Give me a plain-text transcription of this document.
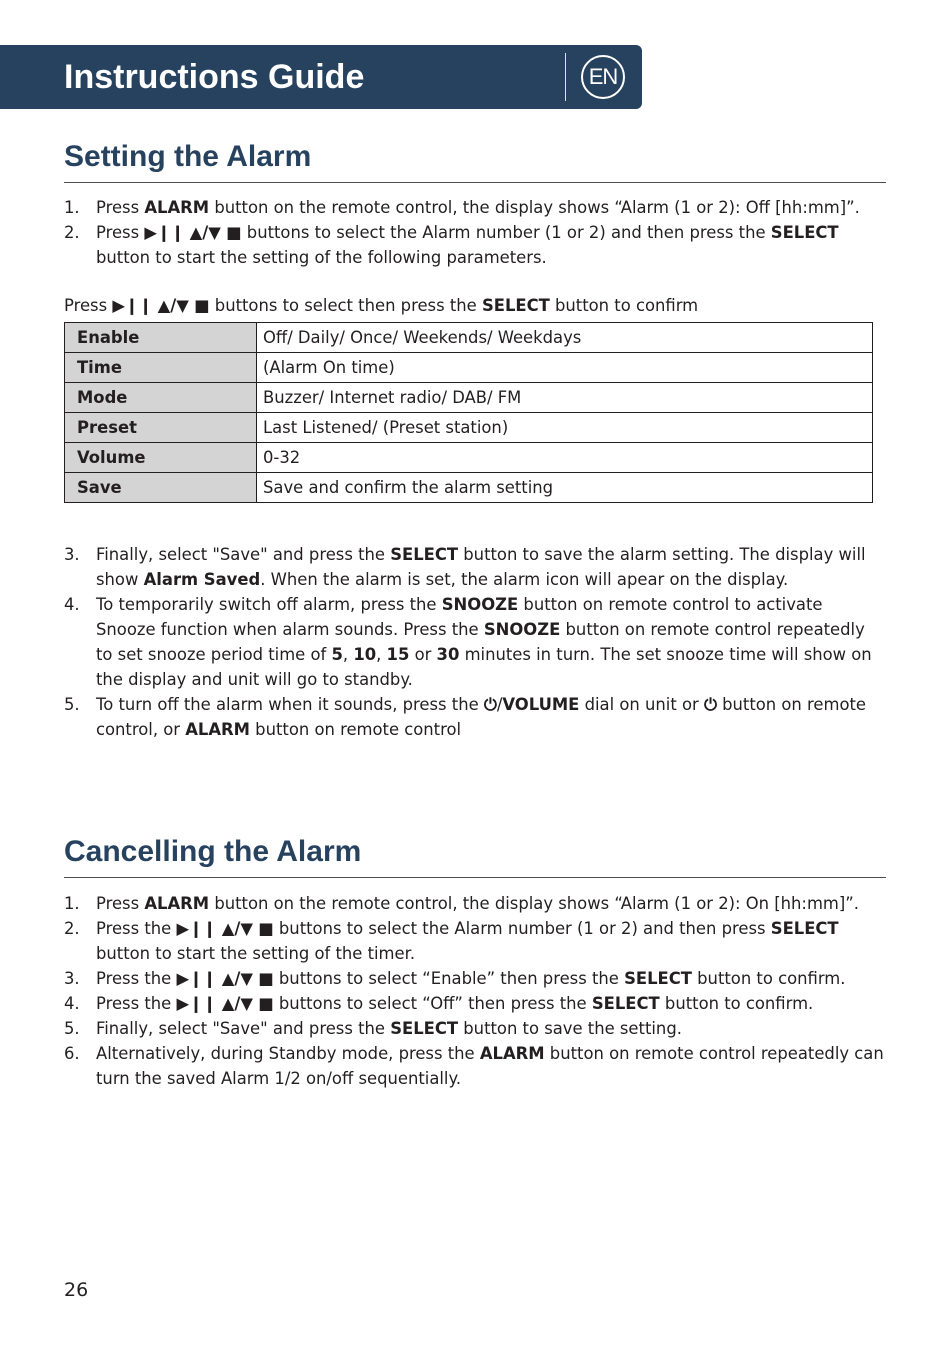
Instructions Guide	EN
Setting the Alarm
1. Press ALARM button on the remote control, the display shows “Alarm (1 or 2): Off [hh:mm]”.
2. Press ▶❙❙ ▲/▼ ■ buttons to select the Alarm number (1 or 2) and then press the SELECT button to start the setting of the following parameters.
Press ▶❙❙ ▲/▼ ■ buttons to select then press the SELECT button to confirm
Enable	Off/ Daily/ Once/ Weekends/ Weekdays
Time	(Alarm On time)
Mode	Buzzer/ Internet radio/ DAB/ FM
Preset	Last Listened/ (Preset station)
Volume	0-32
Save	Save and confirm the alarm setting
3. Finally, select "Save" and press the SELECT button to save the alarm setting. The display will show Alarm Saved. When the alarm is set, the alarm icon will apear on the display.
4. To temporarily switch off alarm, press the SNOOZE button on remote control to activate Snooze function when alarm sounds. Press the SNOOZE button on remote control repeatedly to set snooze period time of 5, 10, 15 or 30 minutes in turn. The set snooze time will show on the display and unit will go to standby.
5. To turn off the alarm when it sounds, press the ⏻/VOLUME dial on unit or ⏻ button on remote control, or ALARM button on remote control
Cancelling the Alarm
1. Press ALARM button on the remote control, the display shows “Alarm (1 or 2): On [hh:mm]”.
2. Press the ▶❙❙ ▲/▼ ■ buttons to select the Alarm number (1 or 2) and then press SELECT button to start the setting of the timer.
3. Press the ▶❙❙ ▲/▼ ■ buttons to select “Enable” then press the SELECT button to confirm.
4. Press the ▶❙❙ ▲/▼ ■ buttons to select “Off” then press the SELECT button to confirm.
5. Finally, select "Save" and press the SELECT button to save the setting.
6. Alternatively, during Standby mode, press the ALARM button on remote control repeatedly can turn the saved Alarm 1/2 on/off sequentially.
26
